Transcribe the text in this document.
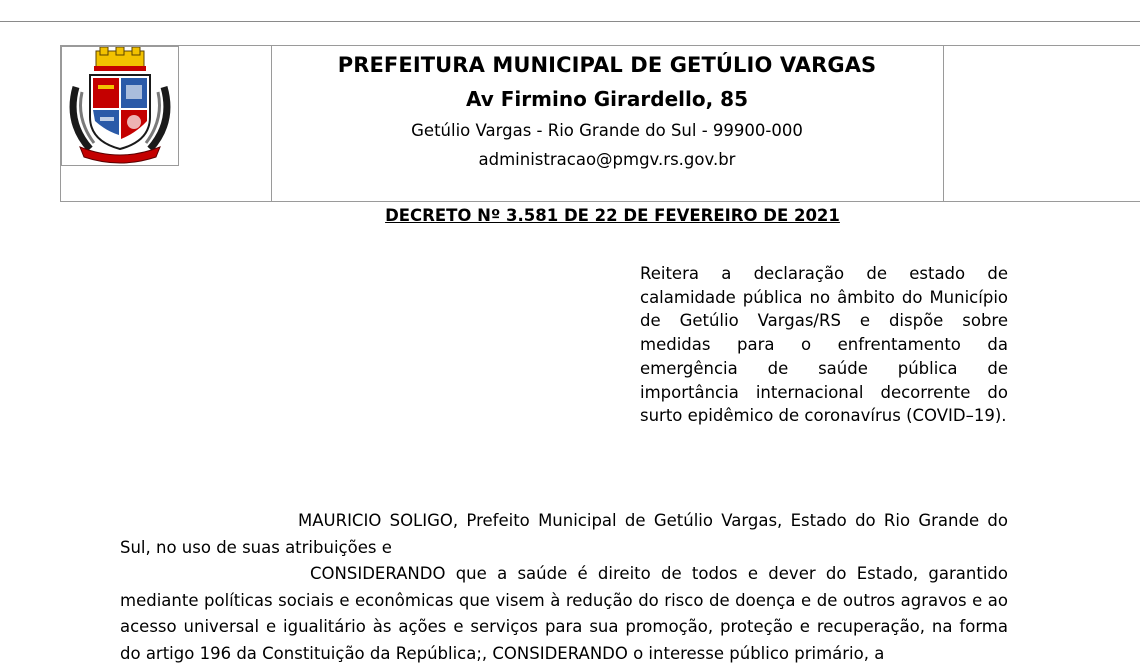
PREFEITURA MUNICIPAL DE GETÚLIO VARGAS
Av Firmino Girardello, 85
Getúlio Vargas - Rio Grande do Sul - 99900-000
administracao@pmgv.rs.gov.br
DECRETO Nº 3.581 DE 22 DE FEVEREIRO DE 2021
Reitera a declaração de estado de calamidade pública no âmbito do Município de Getúlio Vargas/RS e dispõe sobre medidas para o enfrentamento da emergência de saúde pública de importância internacional decorrente do surto epidêmico de coronavírus (COVID–19).

MAURICIO SOLIGO, Prefeito Municipal de Getúlio Vargas, Estado do Rio Grande do Sul, no uso de suas atribuições e

CONSIDERANDO que a saúde é direito de todos e dever do Estado, garantido mediante políticas sociais e econômicas que visem à redução do risco de doença e de outros agravos e ao acesso universal e igualitário às ações e serviços para sua promoção, proteção e recuperação, na forma do artigo 196 da Constituição da República;, CONSIDERANDO o interesse público primário, a
